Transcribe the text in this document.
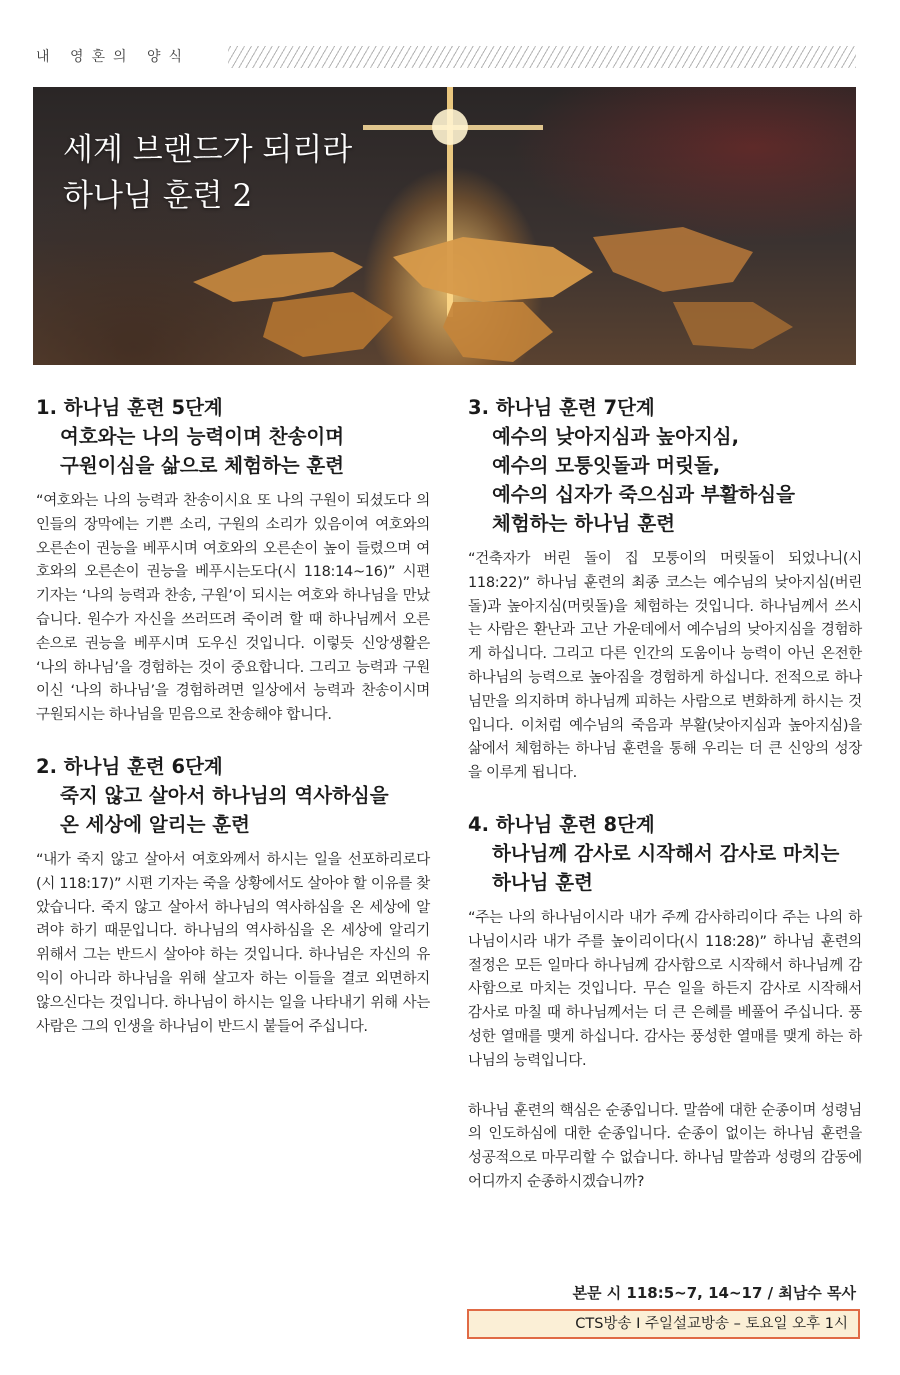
내 영혼의 양식
세계 브랜드가 되리라
하나님 훈련 2
1. 하나님 훈련 5단계
여호와는 나의 능력이며 찬송이며
구원이심을 삶으로 체험하는 훈련

“여호와는 나의 능력과 찬송이시요 또 나의 구원이 되셨도다 의인들의 장막에는 기쁜 소리, 구원의 소리가 있음이여 여호와의 오른손이 권능을 베푸시며 여호와의 오른손이 높이 들렸으며 여호와의 오른손이 권능을 베푸시는도다(시 118:14~16)” 시편 기자는 ‘나의 능력과 찬송, 구원’이 되시는 여호와 하나님을 만났습니다. 원수가 자신을 쓰러뜨려 죽이려 할 때 하나님께서 오른손으로 권능을 베푸시며 도우신 것입니다. 이렇듯 신앙생활은 ‘나의 하나님’을 경험하는 것이 중요합니다. 그리고 능력과 구원이신 ‘나의 하나님’을 경험하려면 일상에서 능력과 찬송이시며 구원되시는 하나님을 믿음으로 찬송해야 합니다.

2. 하나님 훈련 6단계
죽지 않고 살아서 하나님의 역사하심을
온 세상에 알리는 훈련

“내가 죽지 않고 살아서 여호와께서 하시는 일을 선포하리로다(시 118:17)” 시편 기자는 죽을 상황에서도 살아야 할 이유를 찾았습니다. 죽지 않고 살아서 하나님의 역사하심을 온 세상에 알려야 하기 때문입니다. 하나님의 역사하심을 온 세상에 알리기 위해서 그는 반드시 살아야 하는 것입니다. 하나님은 자신의 유익이 아니라 하나님을 위해 살고자 하는 이들을 결코 외면하지 않으신다는 것입니다. 하나님이 하시는 일을 나타내기 위해 사는 사람은 그의 인생을 하나님이 반드시 붙들어 주십니다.

3. 하나님 훈련 7단계
예수의 낮아지심과 높아지심,
예수의 모퉁잇돌과 머릿돌,
예수의 십자가 죽으심과 부활하심을
체험하는 하나님 훈련

“건축자가 버린 돌이 집 모퉁이의 머릿돌이 되었나니(시 118:22)” 하나님 훈련의 최종 코스는 예수님의 낮아지심(버린 돌)과 높아지심(머릿돌)을 체험하는 것입니다. 하나님께서 쓰시는 사람은 환난과 고난 가운데에서 예수님의 낮아지심을 경험하게 하십니다. 그리고 다른 인간의 도움이나 능력이 아닌 온전한 하나님의 능력으로 높아짐을 경험하게 하십니다. 전적으로 하나님만을 의지하며 하나님께 피하는 사람으로 변화하게 하시는 것입니다. 이처럼 예수님의 죽음과 부활(낮아지심과 높아지심)을 삶에서 체험하는 하나님 훈련을 통해 우리는 더 큰 신앙의 성장을 이루게 됩니다.

4. 하나님 훈련 8단계
하나님께 감사로 시작해서 감사로 마치는
하나님 훈련

“주는 나의 하나님이시라 내가 주께 감사하리이다 주는 나의 하나님이시라 내가 주를 높이리이다(시 118:28)” 하나님 훈련의 절정은 모든 일마다 하나님께 감사함으로 시작해서 하나님께 감사함으로 마치는 것입니다. 무슨 일을 하든지 감사로 시작해서 감사로 마칠 때 하나님께서는 더 큰 은혜를 베풀어 주십니다. 풍성한 열매를 맺게 하십니다. 감사는 풍성한 열매를 맺게 하는 하나님의 능력입니다.

하나님 훈련의 핵심은 순종입니다. 말씀에 대한 순종이며 성령님의 인도하심에 대한 순종입니다. 순종이 없이는 하나님 훈련을 성공적으로 마무리할 수 없습니다. 하나님 말씀과 성령의 감동에 어디까지 순종하시겠습니까?

본문 시 118:5~7, 14~17 / 최남수 목사
CTS방송 I 주일설교방송 – 토요일 오후 1시
